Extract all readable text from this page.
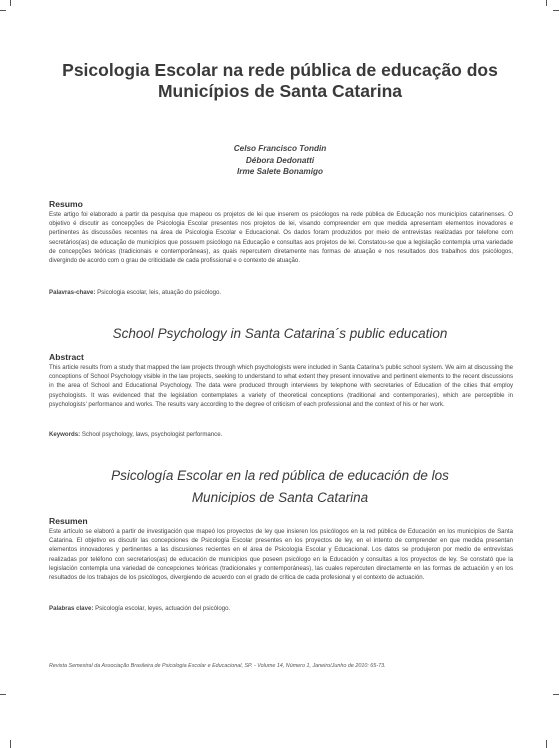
Psicologia Escolar na rede pública de educação dos Municípios de Santa Catarina
Celso Francisco Tondin
Débora Dedonatti
Irme Salete Bonamigo
Resumo
Este artigo foi elaborado a partir da pesquisa que mapeou os projetos de lei que inserem os psicólogos na rede pública de Educação nos municípios catarinenses. O objetivo é discutir as concepções de Psicologia Escolar presentes nos projetos de lei, visando compreender em que medida apresentam elementos inovadores e pertinentes às discussões recentes na área de Psicologia Escolar e Educacional. Os dados foram produzidos por meio de entrevistas realizadas por telefone com secretários(as) de educação de municípios que possuem psicólogo na Educação e consultas aos projetos de lei. Constatou-se que a legislação contempla uma variedade de concepções teóricas (tradicionais e contemporâneas), as quais repercutem diretamente nas formas de atuação e nos resultados dos trabalhos dos psicólogos, divergindo de acordo com o grau de criticidade de cada profissional e o contexto de atuação.
Palavras-chave: Psicologia escolar, leis, atuação do psicólogo.
School Psychology in Santa Catarina´s public education
Abstract
This article results from a study that mapped the law projects through which psychologists were included in Santa Catarina's public school system. We aim at discussing the conceptions of School Psychology visible in the law projects, seeking to understand to what extent they present innovative and pertinent elements to the recent discussions in the area of School and Educational Psychology. The data were produced through interviews by telephone with secretaries of Education of the cities that employ psychologists. It was evidenced that the legislation contemplates a variety of theoretical conceptions (traditional and contemporaries), which are perceptible in psychologists' performance and works. The results vary according to the degree of criticism of each professional and the context of his or her work.
Keywords: School psychology, laws, psychologist performance.
Psicología Escolar en la red pública de educación de los
Municipios de Santa Catarina
Resumen
Este artículo se elaboró a partir de investigación que mapeó los proyectos de ley que insieren los psicólogos en la red pública de Educación en los municipios de Santa Catarina. El objetivo es discutir las concepciones de Psicología Escolar presentes en los proyectos de ley, en el intento de comprender en que medida presentan elementos innovadores y pertinentes a las discusiones recientes en el área de Psicología Escolar y Educacional. Los datos se produjeron por medio de entrevistas realizadas por teléfono con secretarios(as) de educación de municipios que poseen psicólogo en la Educación y consultas a los proyectos de ley. Se constató que la legislación contempla una variedad de concepciones teóricas (tradicionales y contemporáneas), las cuales repercuten directamente en las formas de actuación y en los resultados de los trabajos de los psicólogos, divergiendo de acuerdo con el grado de crítica de cada profesional y el contexto de actuación.
Palabras clave: Psicología escolar, leyes, actuación del psicólogo.
Revista Semestral da Associação Brasileira de Psicologia Escolar e Educacional, SP. - Volume 14, Número 1, Janeiro/Junho de 2010: 65-73.
